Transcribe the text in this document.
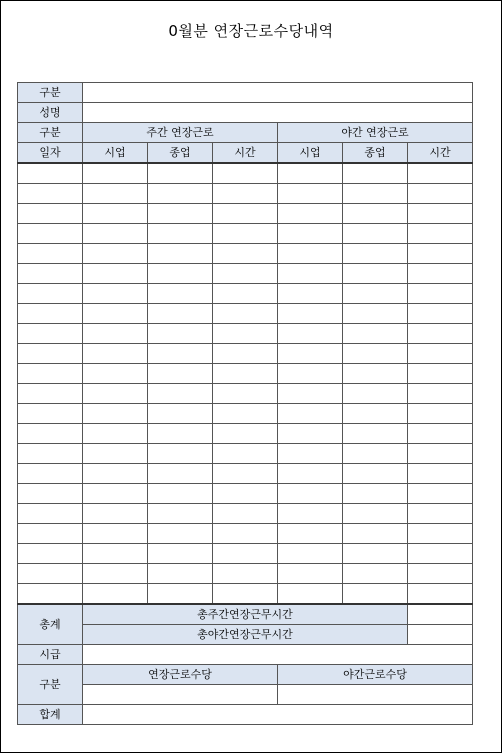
0월분 연장근로수당내역
구분						
성명						
구분	주간 연장근로			야간 연장근로		
일자	시업	종업	시간	시업	종업	시간

총계	총주간연장근무시간					
	총야간연장근무시간					
시급						
구분	연장근로수당			야간근로수당		

합계						
